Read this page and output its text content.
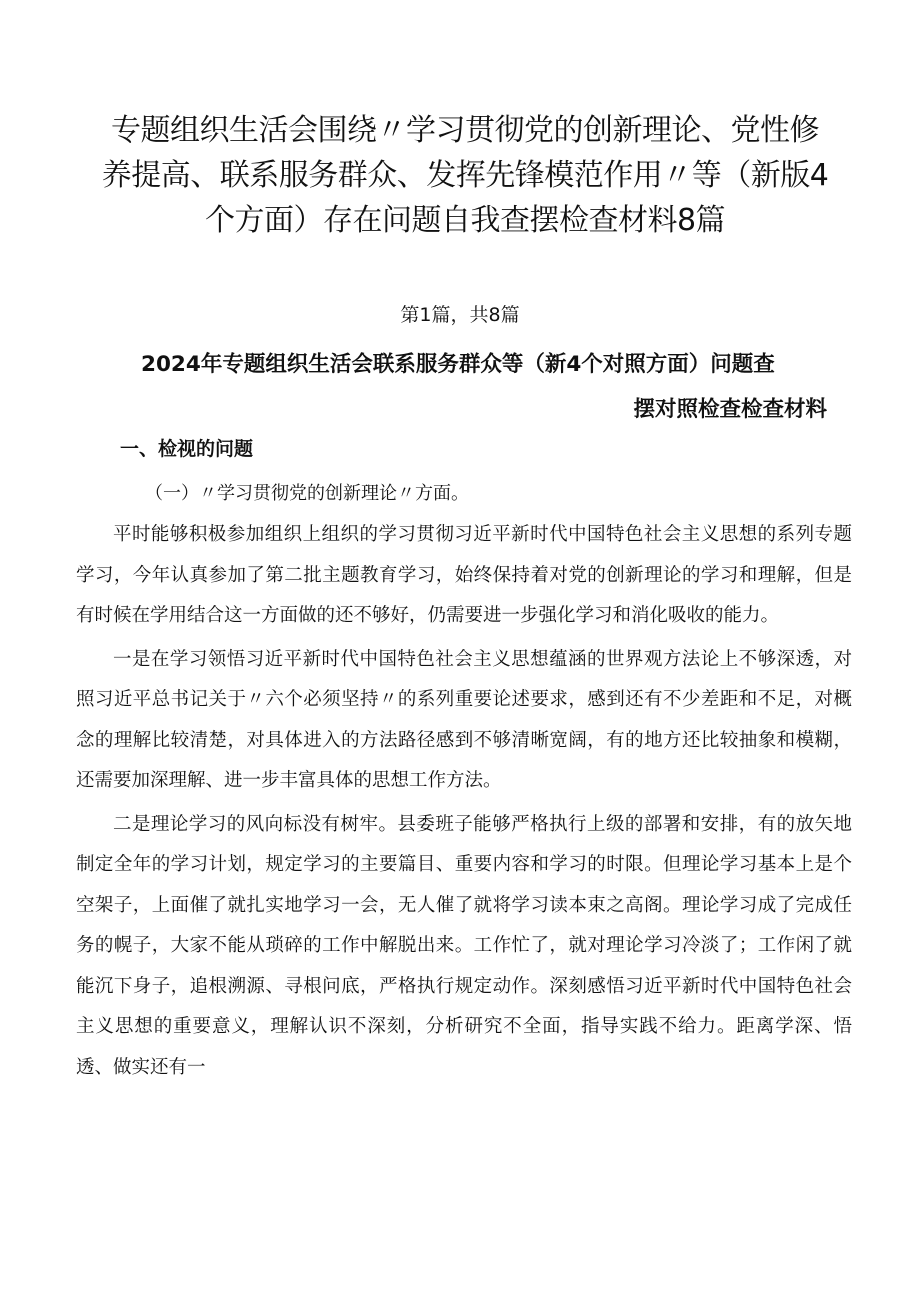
专题组织生活会围绕〃学习贯彻党的创新理论、党性修养提高、联系服务群众、发挥先锋模范作用〃等（新版4个方面）存在问题自我查摆检查材料8篇
第1篇，共8篇
2024年专题组织生活会联系服务群众等（新4个对照方面）问题查
摆对照检查检查材料
一、检视的问题
（一）〃学习贯彻党的创新理论〃方面。

平时能够积极参加组织上组织的学习贯彻习近平新时代中国特色社会主义思想的系列专题学习，今年认真参加了第二批主题教育学习，始终保持着对党的创新理论的学习和理解，但是有时候在学用结合这一方面做的还不够好，仍需要进一步强化学习和消化吸收的能力。

一是在学习领悟习近平新时代中国特色社会主义思想蕴涵的世界观方法论上不够深透，对照习近平总书记关于〃六个必须坚持〃的系列重要论述要求，感到还有不少差距和不足，对概念的理解比较清楚，对具体进入的方法路径感到不够清晰宽阔，有的地方还比较抽象和模糊，还需要加深理解、进一步丰富具体的思想工作方法。

二是理论学习的风向标没有树牢。县委班子能够严格执行上级的部署和安排，有的放矢地制定全年的学习计划，规定学习的主要篇目、重要内容和学习的时限。但理论学习基本上是个空架子，上面催了就扎实地学习一会，无人催了就将学习读本束之高阁。理论学习成了完成任务的幌子，大家不能从琐碎的工作中解脱出来。工作忙了，就对理论学习冷淡了；工作闲了就能沉下身子，追根溯源、寻根问底，严格执行规定动作。深刻感悟习近平新时代中国特色社会主义思想的重要意义，理解认识不深刻，分析研究不全面，指导实践不给力。距离学深、悟透、做实还有一
